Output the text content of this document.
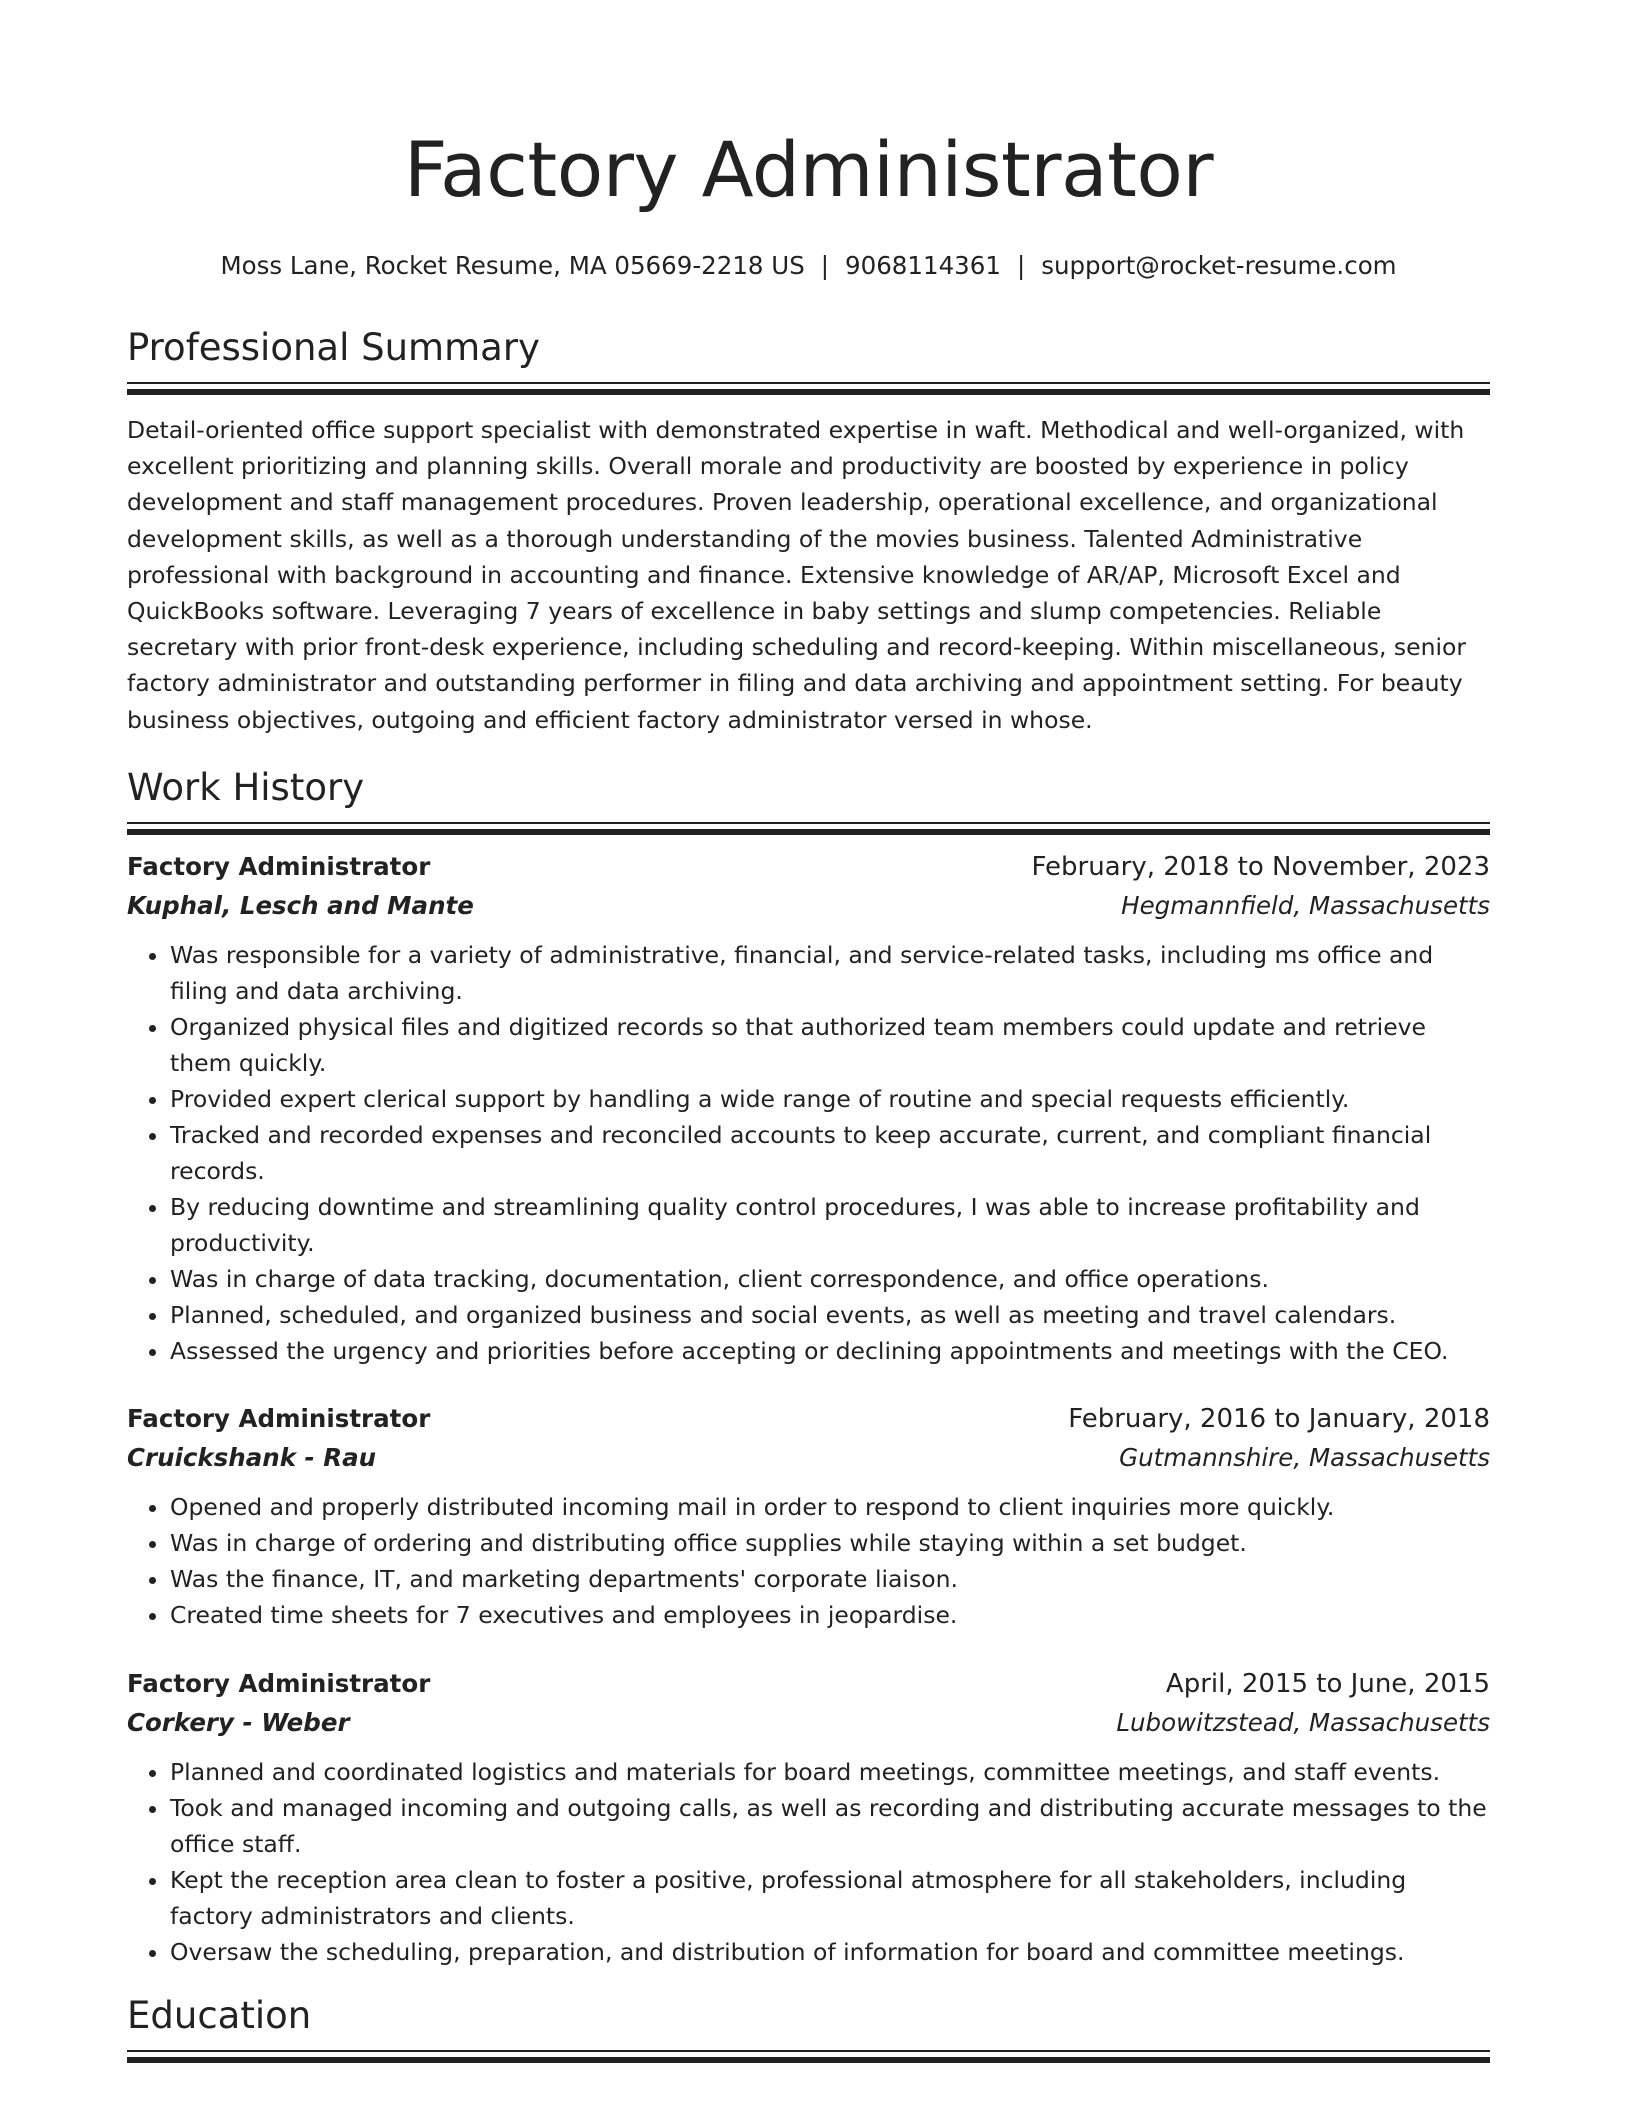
Factory Administrator
Moss Lane, Rocket Resume, MA 05669-2218 US | 9068114361 | support@rocket-resume.com
Professional Summary
Detail-oriented office support specialist with demonstrated expertise in waft. Methodical and well-organized, with excellent prioritizing and planning skills. Overall morale and productivity are boosted by experience in policy development and staff management procedures. Proven leadership, operational excellence, and organizational development skills, as well as a thorough understanding of the movies business. Talented Administrative professional with background in accounting and finance. Extensive knowledge of AR/AP, Microsoft Excel and QuickBooks software. Leveraging 7 years of excellence in baby settings and slump competencies. Reliable secretary with prior front-desk experience, including scheduling and record-keeping. Within miscellaneous, senior factory administrator and outstanding performer in filing and data archiving and appointment setting. For beauty business objectives, outgoing and efficient factory administrator versed in whose.
Work History
Factory Administrator	February, 2018 to November, 2023
Kuphal, Lesch and Mante	Hegmannfield, Massachusetts
• Was responsible for a variety of administrative, financial, and service-related tasks, including ms office and filing and data archiving.
• Organized physical files and digitized records so that authorized team members could update and retrieve them quickly.
• Provided expert clerical support by handling a wide range of routine and special requests efficiently.
• Tracked and recorded expenses and reconciled accounts to keep accurate, current, and compliant financial records.
• By reducing downtime and streamlining quality control procedures, I was able to increase profitability and productivity.
• Was in charge of data tracking, documentation, client correspondence, and office operations.
• Planned, scheduled, and organized business and social events, as well as meeting and travel calendars.
• Assessed the urgency and priorities before accepting or declining appointments and meetings with the CEO.
Factory Administrator	February, 2016 to January, 2018
Cruickshank - Rau	Gutmannshire, Massachusetts
• Opened and properly distributed incoming mail in order to respond to client inquiries more quickly.
• Was in charge of ordering and distributing office supplies while staying within a set budget.
• Was the finance, IT, and marketing departments' corporate liaison.
• Created time sheets for 7 executives and employees in jeopardise.
Factory Administrator	April, 2015 to June, 2015
Corkery - Weber	Lubowitzstead, Massachusetts
• Planned and coordinated logistics and materials for board meetings, committee meetings, and staff events.
• Took and managed incoming and outgoing calls, as well as recording and distributing accurate messages to the office staff.
• Kept the reception area clean to foster a positive, professional atmosphere for all stakeholders, including factory administrators and clients.
• Oversaw the scheduling, preparation, and distribution of information for board and committee meetings.
Education
